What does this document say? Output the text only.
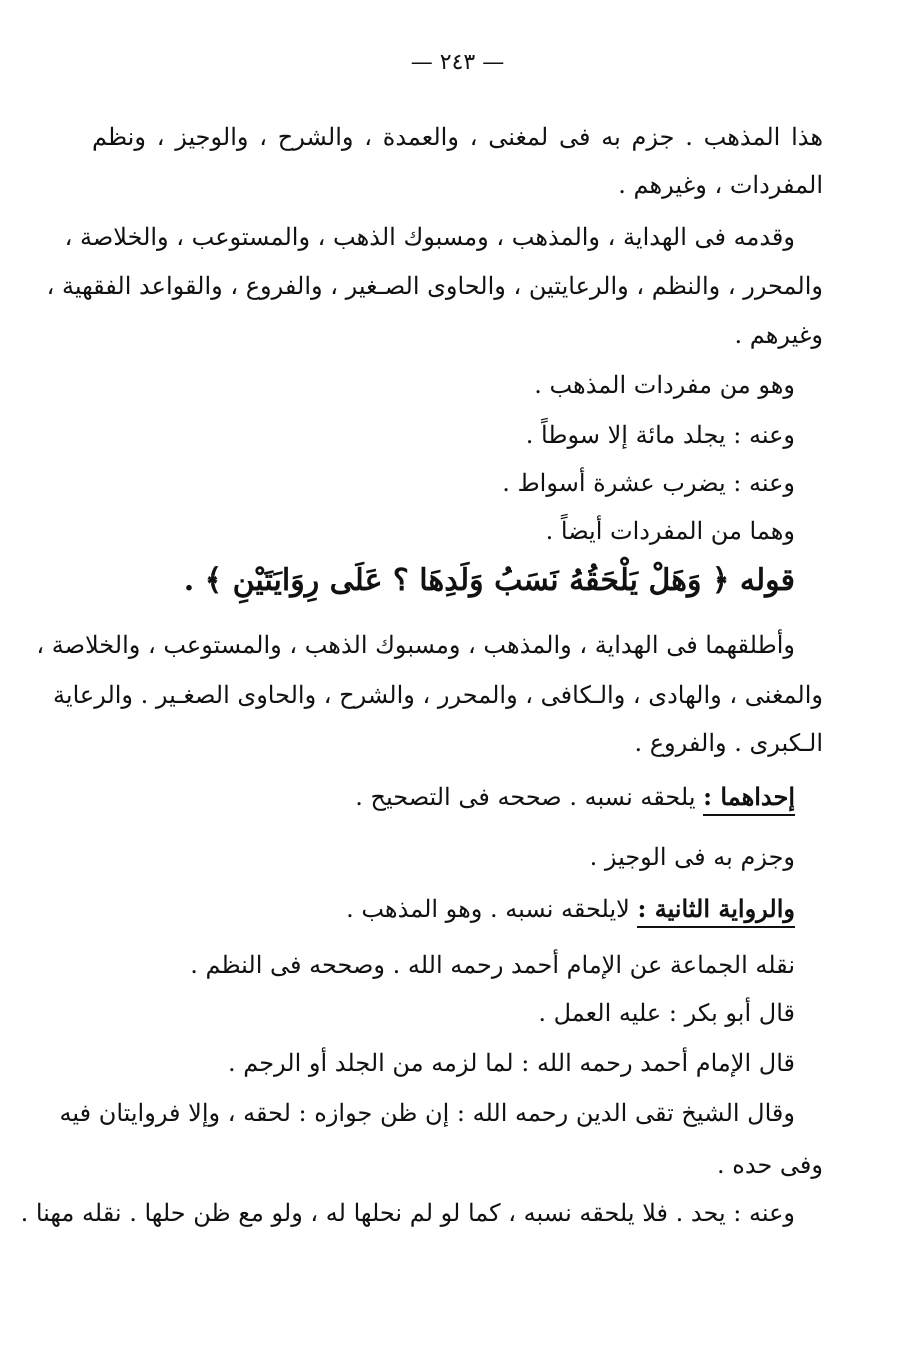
— ٢٤٣ —
هذا المذهب . جزم به فى لمغنى ، والعمدة ، والشرح ، والوجيز ، ونظم
المفردات ، وغيرهم .
وقدمه فى الهداية ، والمذهب ، ومسبوك الذهب ، والمستوعب ، والخلاصة ،
والمحرر ، والنظم ، والرعايتين ، والحاوى الصـغير ، والفروع ، والقواعد الفقهية ،
وغيرهم .
وهو من مفردات المذهب .
وعنه : يجلد مائة إلا سوطاً .
وعنه : يضرب عشرة أسواط .
وهما من المفردات أيضاً .
قوله ﴿ وَهَلْ يَلْحَقُهُ نَسَبُ وَلَدِهَا ؟ عَلَى رِوَايَتَيْنِ ﴾ .
وأطلقهما فى الهداية ، والمذهب ، ومسبوك الذهب ، والمستوعب ، والخلاصة ،
والمغنى ، والهادى ، والـكافى ، والمحرر ، والشرح ، والحاوى الصغـير . والرعاية
الـكبرى . والفروع .
إحداهما : يلحقه نسبه . صححه فى التصحيح .
وجزم به فى الوجيز .
والرواية الثانية : لايلحقه نسبه . وهو المذهب .
نقله الجماعة عن الإمام أحمد رحمه الله . وصححه فى النظم .
قال أبو بكر : عليه العمل .
قال الإمام أحمد رحمه الله : لما لزمه من الجلد أو الرجم .
وقال الشيخ تقى الدين رحمه الله : إن ظن جوازه : لحقه ، وإلا فروايتان فيه
وفى حده .
وعنه : يحد . فلا يلحقه نسبه ، كما لو لم نحلها له ، ولو مع ظن حلها . نقله مهنا .
